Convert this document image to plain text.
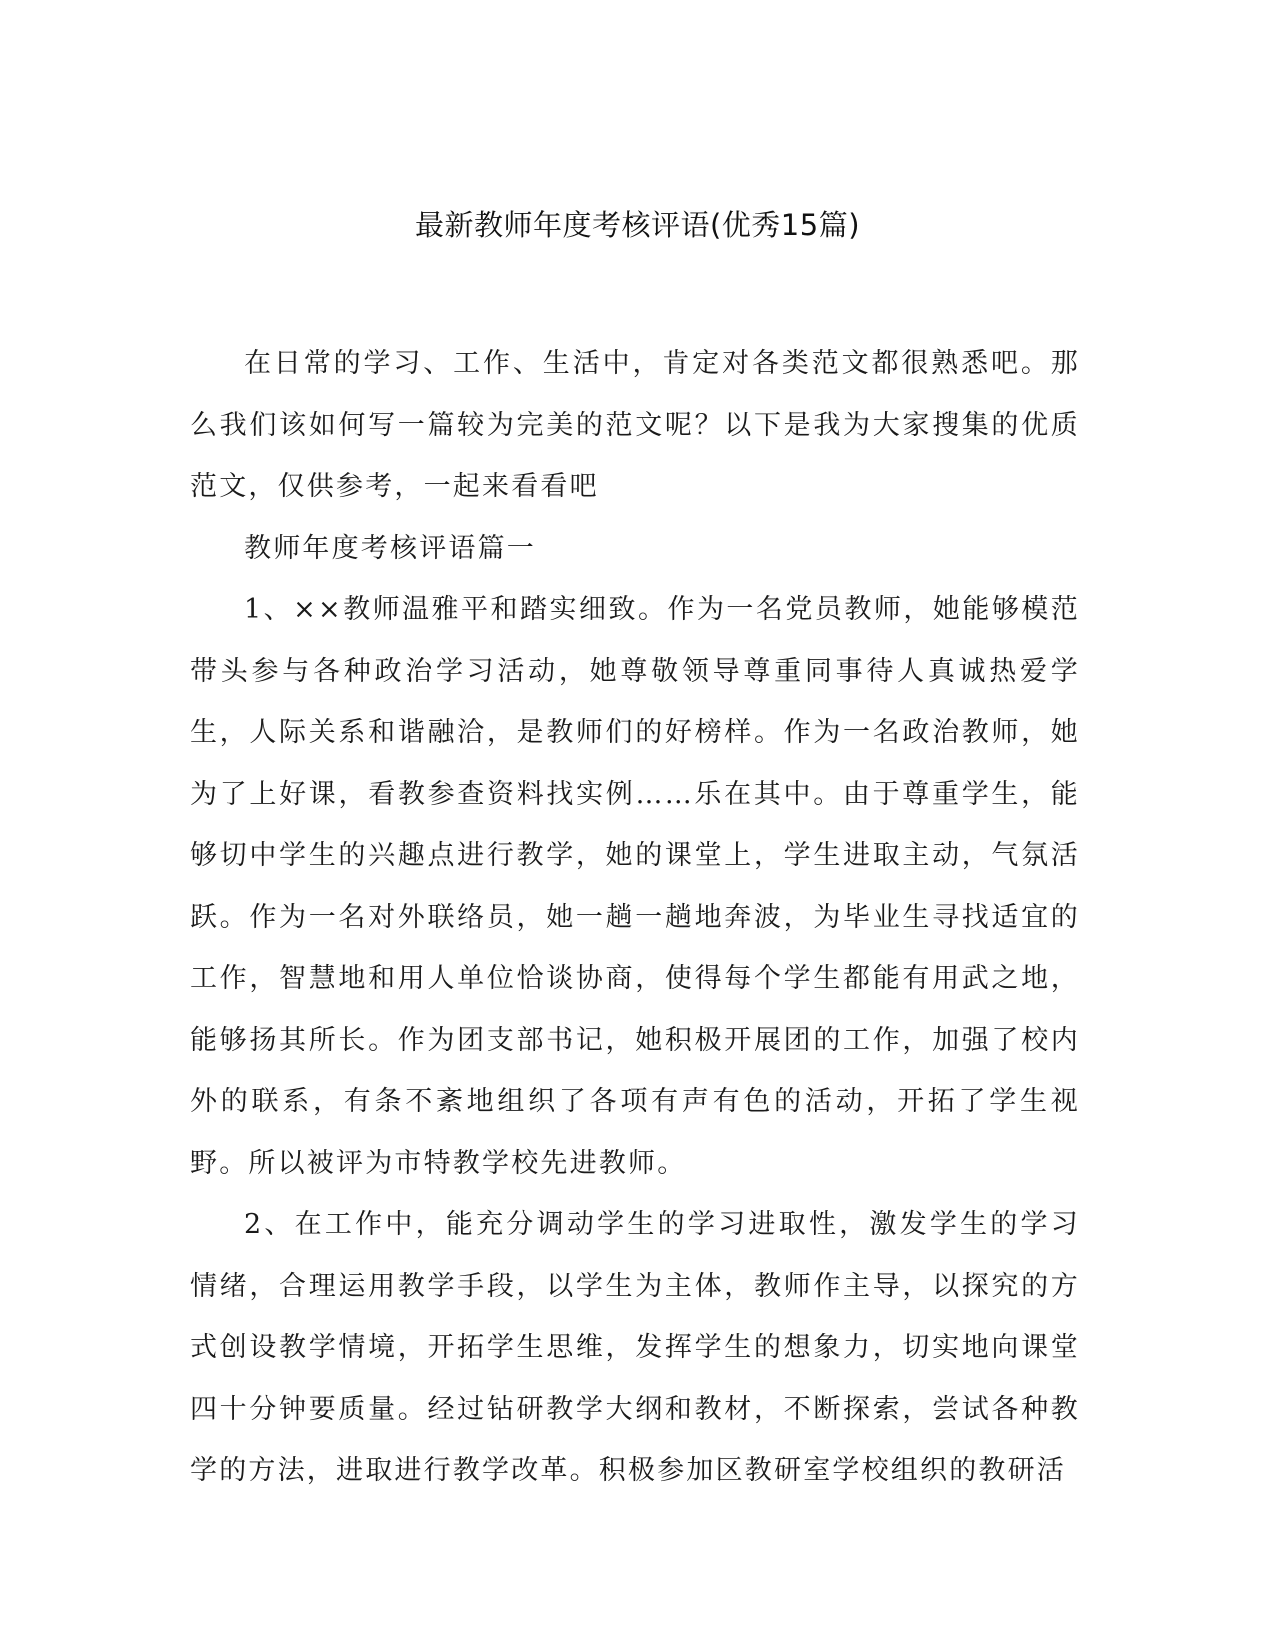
最新教师年度考核评语(优秀15篇)

在日常的学习、工作、生活中，肯定对各类范文都很熟悉吧。那么我们该如何写一篇较为完美的范文呢？以下是我为大家搜集的优质范文，仅供参考，一起来看看吧

教师年度考核评语篇一

1、××教师温雅平和踏实细致。作为一名党员教师，她能够模范带头参与各种政治学习活动，她尊敬领导尊重同事待人真诚热爱学生，人际关系和谐融洽，是教师们的好榜样。作为一名政治教师，她为了上好课，看教参查资料找实例……乐在其中。由于尊重学生，能够切中学生的兴趣点进行教学，她的课堂上，学生进取主动，气氛活跃。作为一名对外联络员，她一趟一趟地奔波，为毕业生寻找适宜的工作，智慧地和用人单位恰谈协商，使得每个学生都能有用武之地，能够扬其所长。作为团支部书记，她积极开展团的工作，加强了校内外的联系，有条不紊地组织了各项有声有色的活动，开拓了学生视野。所以被评为市特教学校先进教师。

2、在工作中，能充分调动学生的学习进取性，激发学生的学习情绪，合理运用教学手段，以学生为主体，教师作主导，以探究的方式创设教学情境，开拓学生思维，发挥学生的想象力，切实地向课堂四十分钟要质量。经过钻研教学大纲和教材，不断探索，尝试各种教学的方法，进取进行教学改革。积极参加区教研室学校组织的教研活
